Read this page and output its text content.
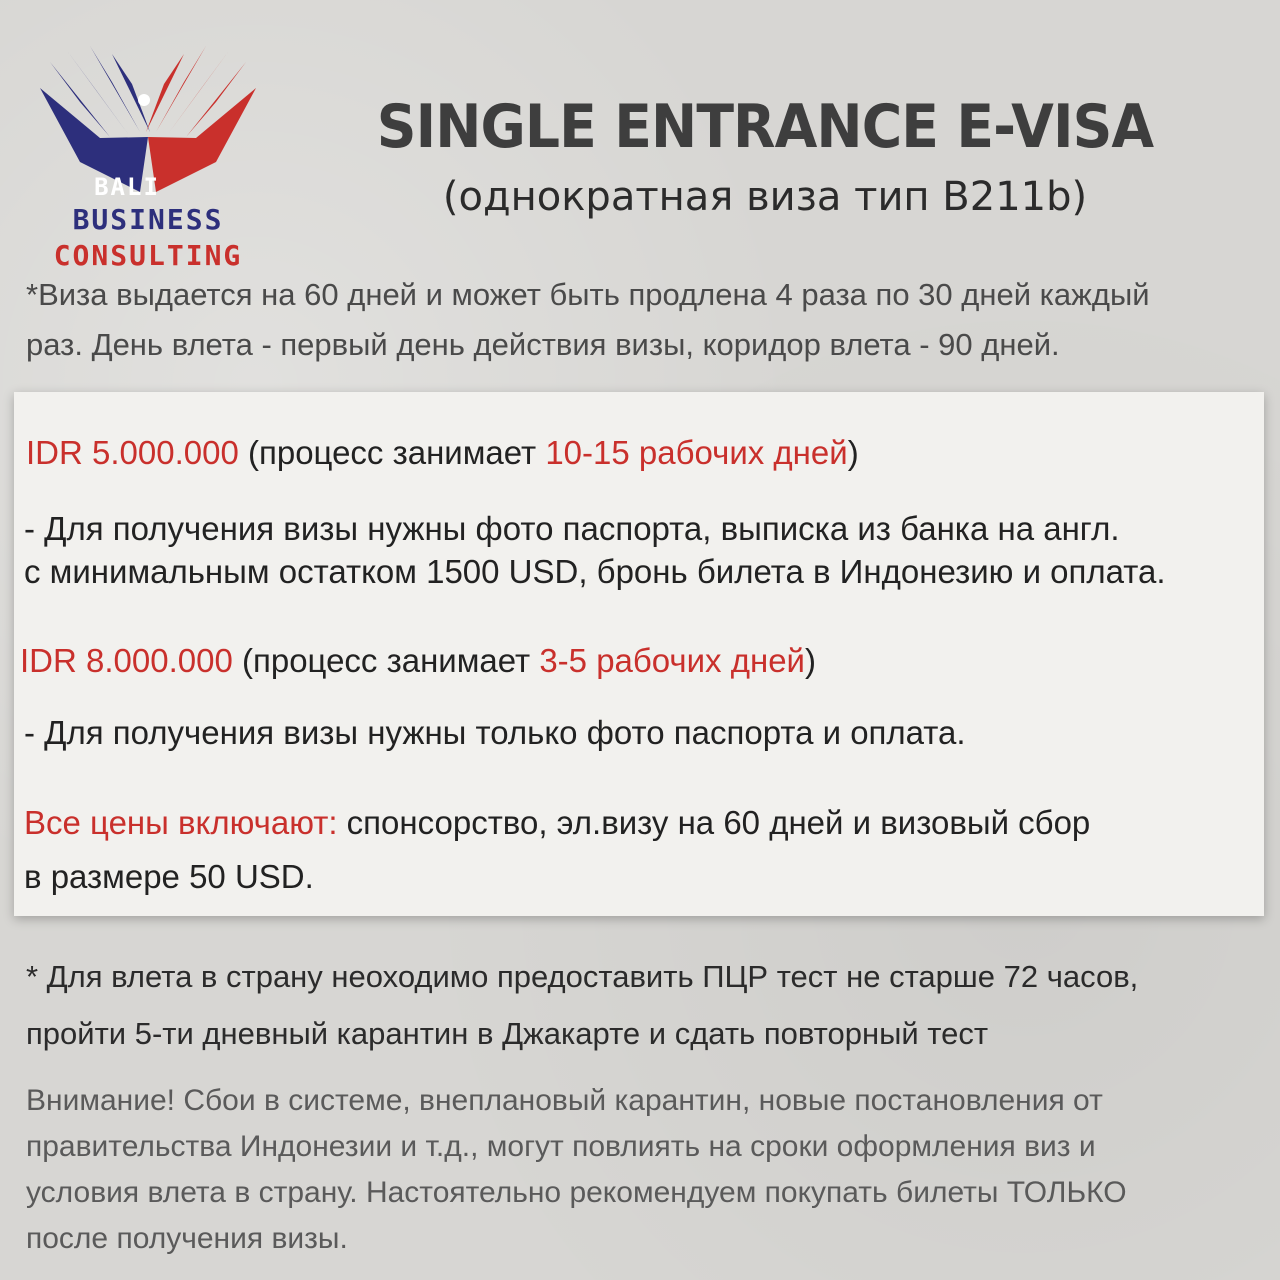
BALI
BUSINESS
CONSULTING
SINGLE ENTRANCE E-VISA
(однократная виза тип B211b)
*Виза выдается на 60 дней и может быть продлена 4 раза по 30 дней каждый
раз. День влета - первый день действия визы, коридор влета - 90 дней.
IDR 5.000.000 (процесс занимает 10-15 рабочих дней)
- Для получения визы нужны фото паспорта, выписка из банка на англ.
с минимальным остатком 1500 USD, бронь билета в Индонезию и оплата.
IDR 8.000.000 (процесс занимает 3-5 рабочих дней)
- Для получения визы нужны только фото паспорта и оплата.
Все цены включают: спонсорство, эл.визу на 60 дней и визовый сбор
в размере 50 USD.
* Для влета в страну неоходимо предоставить ПЦР тест не старше 72 часов,
пройти 5-ти дневный карантин в Джакарте и сдать повторный тест
Внимание! Сбои в системе, внеплановый карантин, новые постановления от
правительства Индонезии и т.д., могут повлиять на сроки оформления виз и
условия влета в страну. Настоятельно рекомендуем покупать билеты ТОЛЬКО
после получения визы.
